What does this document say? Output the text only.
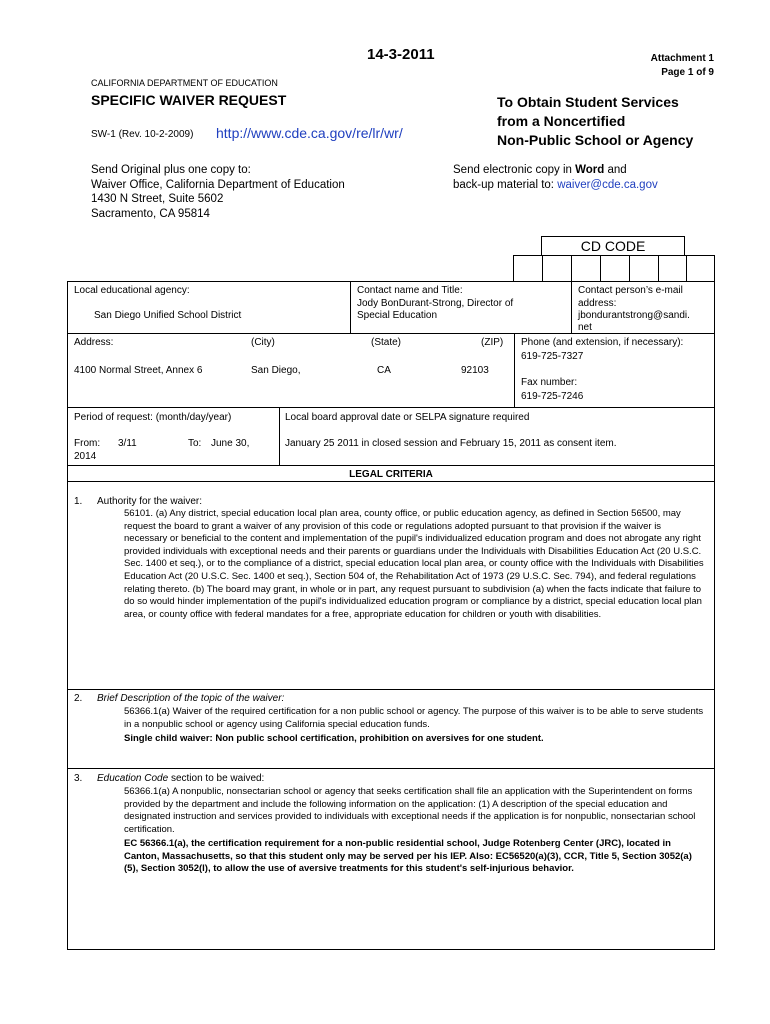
14-3-2011	Attachment 1
Page 1 of 9
CALIFORNIA DEPARTMENT OF EDUCATION
SPECIFIC WAIVER REQUEST
SW-1 (Rev. 10-2-2009) http://www.cde.ca.gov/re/lr/wr/
To Obtain Student Services
from a Noncertified
Non-Public School or Agency
Send Original plus one copy to:
Waiver Office, California Department of Education
1430 N Street, Suite 5602
Sacramento, CA 95814
Send electronic copy in Word and
back-up material to: waiver@cde.ca.gov
CD CODE
Local educational agency:
San Diego Unified School District
Contact name and Title:
Jody BonDurant-Strong, Director of
Special Education
Contact person’s e-mail
address:
jbondurantstrong@sandi.
net
Address:	(City)	(State)	(ZIP)
4100 Normal Street, Annex 6	San Diego,	CA	92103
Phone (and extension, if necessary):
619-725-7327
Fax number:
619-725-7246
Period of request: (month/day/year)
From: 3/11	To: June 30,
2014
Local board approval date or SELPA signature required
January 25 2011 in closed session and February 15, 2011 as consent item.
LEGAL CRITERIA
1. Authority for the waiver:
56101. (a) Any district, special education local plan area, county office, or public education agency, as defined in Section 56500, may request the board to grant a waiver of any provision of this code or regulations adopted pursuant to that provision if the waiver is necessary or beneficial to the content and implementation of the pupil's individualized education program and does not abrogate any right provided individuals with exceptional needs and their parents or guardians under the Individuals with Disabilities Education Act (20 U.S.C. Sec. 1400 et seq.), or to the compliance of a district, special education local plan area, or county office with the Individuals with Disabilities Education Act (20 U.S.C. Sec. 1400 et seq.), Section 504 of, the Rehabilitation Act of 1973 (29 U.S.C. Sec. 794), and federal regulations relating thereto. (b) The board may grant, in whole or in part, any request pursuant to subdivision (a) when the facts indicate that failure to do so would hinder implementation of the pupil's individualized education program or compliance by a district, special education local plan area, or county office with federal mandates for a free, appropriate education for children or youth with disabilities.
2. Brief Description of the topic of the waiver:
56366.1(a) Waiver of the required certification for a non public school or agency. The purpose of this waiver is to be able to serve students in a nonpublic school or agency using California special education funds.
Single child waiver: Non public school certification, prohibition on aversives for one student.
3. Education Code section to be waived:
56366.1(a) A nonpublic, nonsectarian school or agency that seeks certification shall file an application with the Superintendent on forms provided by the department and include the following information on the application: (1) A description of the special education and designated instruction and services provided to individuals with exceptional needs if the application is for nonpublic, nonsectarian school certification.
EC 56366.1(a), the certification requirement for a non-public residential school, Judge Rotenberg Center (JRC), located in Canton, Massachusetts, so that this student only may be served per his IEP. Also: EC56520(a)(3), CCR, Title 5, Section 3052(a)(5), Section 3052(l), to allow the use of aversive treatments for this student's self-injurious behavior.
